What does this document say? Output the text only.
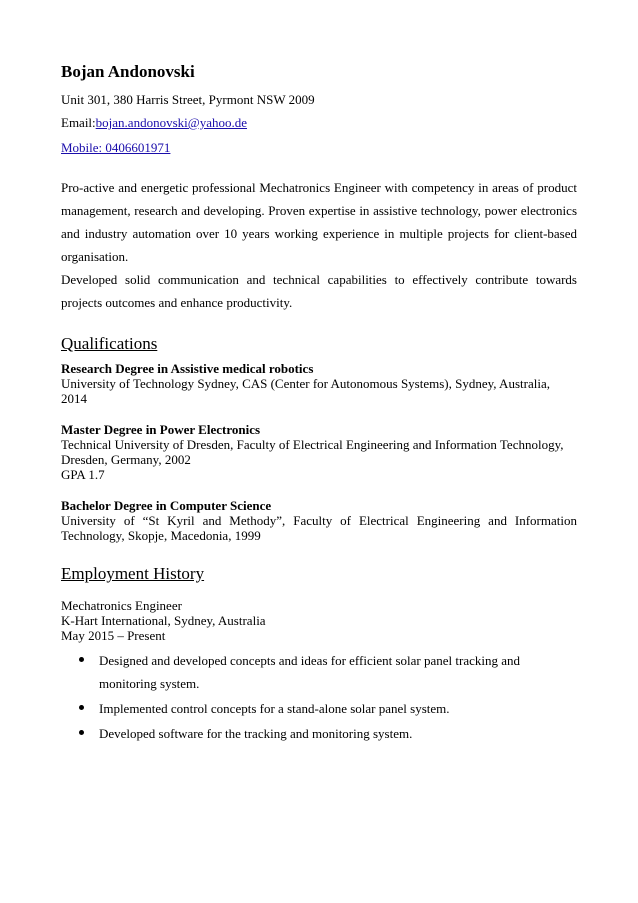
Bojan Andonovski

Unit 301, 380 Harris Street, Pyrmont NSW 2009

Email:bojan.andonovski@yahoo.de

Mobile: 0406601971

Pro-active and energetic professional Mechatronics Engineer with competency in areas of product management, research and developing. Proven expertise in assistive technology, power electronics and industry automation over 10 years working experience in multiple projects for client-based organisation.

Developed solid communication and technical capabilities to effectively contribute towards projects outcomes and enhance productivity.

Qualifications

Research Degree in Assistive medical robotics

University of Technology Sydney, CAS (Center for Autonomous Systems), Sydney, Australia, 2014

Master Degree in Power Electronics

Technical University of Dresden, Faculty of Electrical Engineering and Information Technology,

Dresden, Germany, 2002

GPA 1.7

Bachelor Degree in Computer Science

University of “St Kyril and Methody”, Faculty of Electrical Engineering and Information

Technology, Skopje, Macedonia, 1999

Employment History

Mechatronics Engineer

K-Hart International, Sydney, Australia

May 2015 – Present

Designed and developed concepts and ideas for efficient solar panel tracking and monitoring system.
Implemented control concepts for a stand-alone solar panel system.
Developed software for the tracking and monitoring system.
